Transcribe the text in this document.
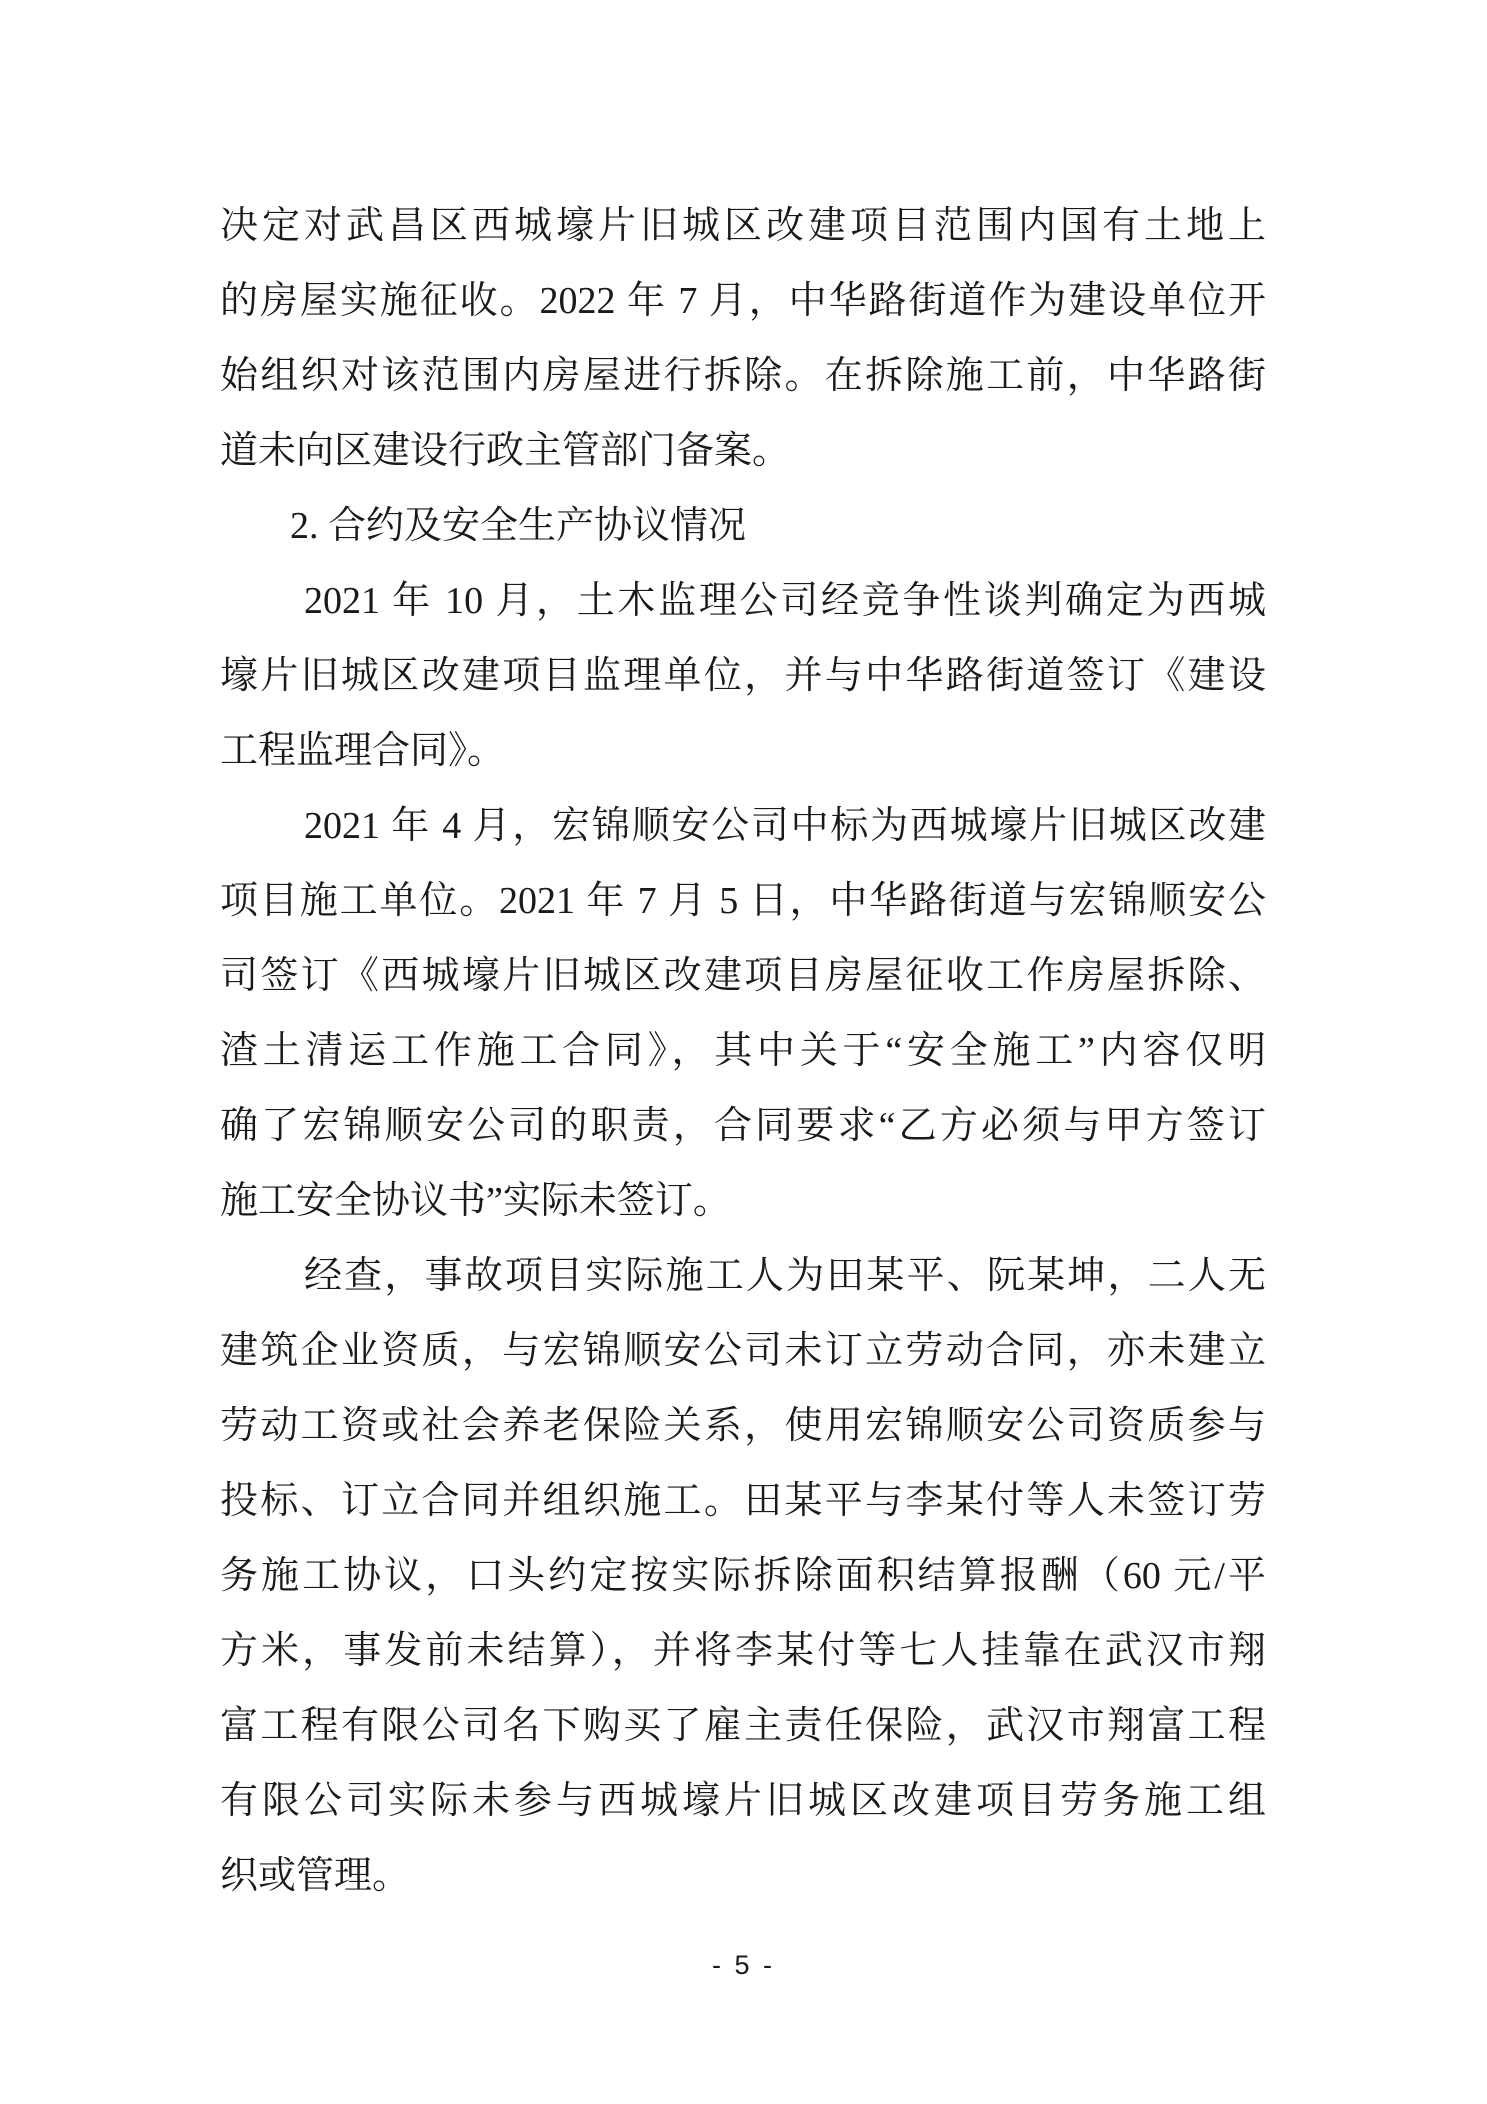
决定对武昌区西城壕片旧城区改建项目范围内国有土地上
的房屋实施征收。2022 年 7 月，中华路街道作为建设单位开
始组织对该范围内房屋进行拆除。在拆除施工前，中华路街
道未向区建设行政主管部门备案。
2. 合约及安全生产协议情况
2021 年 10 月，土木监理公司经竞争性谈判确定为西城
壕片旧城区改建项目监理单位，并与中华路街道签订《建设
工程监理合同》。
2021 年 4 月，宏锦顺安公司中标为西城壕片旧城区改建
项目施工单位。2021 年 7 月 5 日，中华路街道与宏锦顺安公
司签订《西城壕片旧城区改建项目房屋征收工作房屋拆除、
渣土清运工作施工合同》，其中关于“安全施工”内容仅明
确了宏锦顺安公司的职责，合同要求“乙方必须与甲方签订
施工安全协议书”实际未签订。
经查，事故项目实际施工人为田某平、阮某坤，二人无
建筑企业资质，与宏锦顺安公司未订立劳动合同，亦未建立
劳动工资或社会养老保险关系，使用宏锦顺安公司资质参与
投标、订立合同并组织施工。田某平与李某付等人未签订劳
务施工协议，口头约定按实际拆除面积结算报酬（60 元/平
方米，事发前未结算），并将李某付等七人挂靠在武汉市翔
富工程有限公司名下购买了雇主责任保险，武汉市翔富工程
有限公司实际未参与西城壕片旧城区改建项目劳务施工组
织或管理。
- 5 -
